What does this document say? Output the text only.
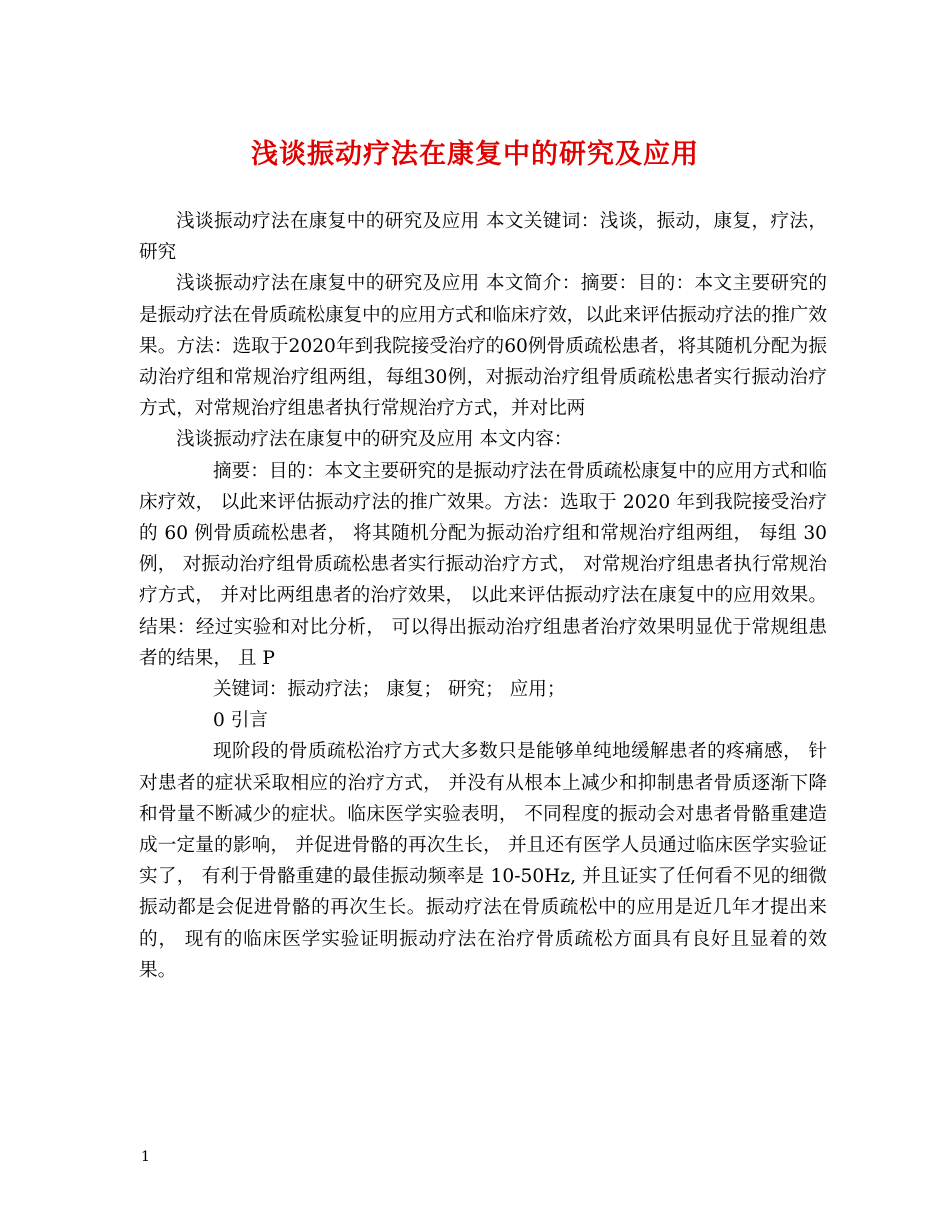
浅谈振动疗法在康复中的研究及应用

浅谈振动疗法在康复中的研究及应用 本文关键词：浅谈，振动，康复，疗法，研究

浅谈振动疗法在康复中的研究及应用 本文简介：摘要：目的：本文主要研究的是振动疗法在骨质疏松康复中的应用方式和临床疗效，以此来评估振动疗法的推广效果。方法：选取于2020年到我院接受治疗的60例骨质疏松患者，将其随机分配为振动治疗组和常规治疗组两组，每组30例，对振动治疗组骨质疏松患者实行振动治疗方式，对常规治疗组患者执行常规治疗方式，并对比两

浅谈振动疗法在康复中的研究及应用 本文内容：

摘要：目的：本文主要研究的是振动疗法在骨质疏松康复中的应用方式和临床疗效， 以此来评估振动疗法的推广效果。方法：选取于 2020 年到我院接受治疗的 60 例骨质疏松患者， 将其随机分配为振动治疗组和常规治疗组两组， 每组 30 例， 对振动治疗组骨质疏松患者实行振动治疗方式， 对常规治疗组患者执行常规治疗方式， 并对比两组患者的治疗效果， 以此来评估振动疗法在康复中的应用效果。结果：经过实验和对比分析， 可以得出振动治疗组患者治疗效果明显优于常规组患者的结果， 且 P

关键词：振动疗法； 康复； 研究； 应用；

0 引言

现阶段的骨质疏松治疗方式大多数只是能够单纯地缓解患者的疼痛感， 针对患者的症状采取相应的治疗方式， 并没有从根本上减少和抑制患者骨质逐渐下降和骨量不断减少的症状。临床医学实验表明， 不同程度的振动会对患者骨骼重建造成一定量的影响， 并促进骨骼的再次生长， 并且还有医学人员通过临床医学实验证实了， 有利于骨骼重建的最佳振动频率是 10-50Hz, 并且证实了任何看不见的细微振动都是会促进骨骼的再次生长。振动疗法在骨质疏松中的应用是近几年才提出来的， 现有的临床医学实验证明振动疗法在治疗骨质疏松方面具有良好且显着的效果。

1
